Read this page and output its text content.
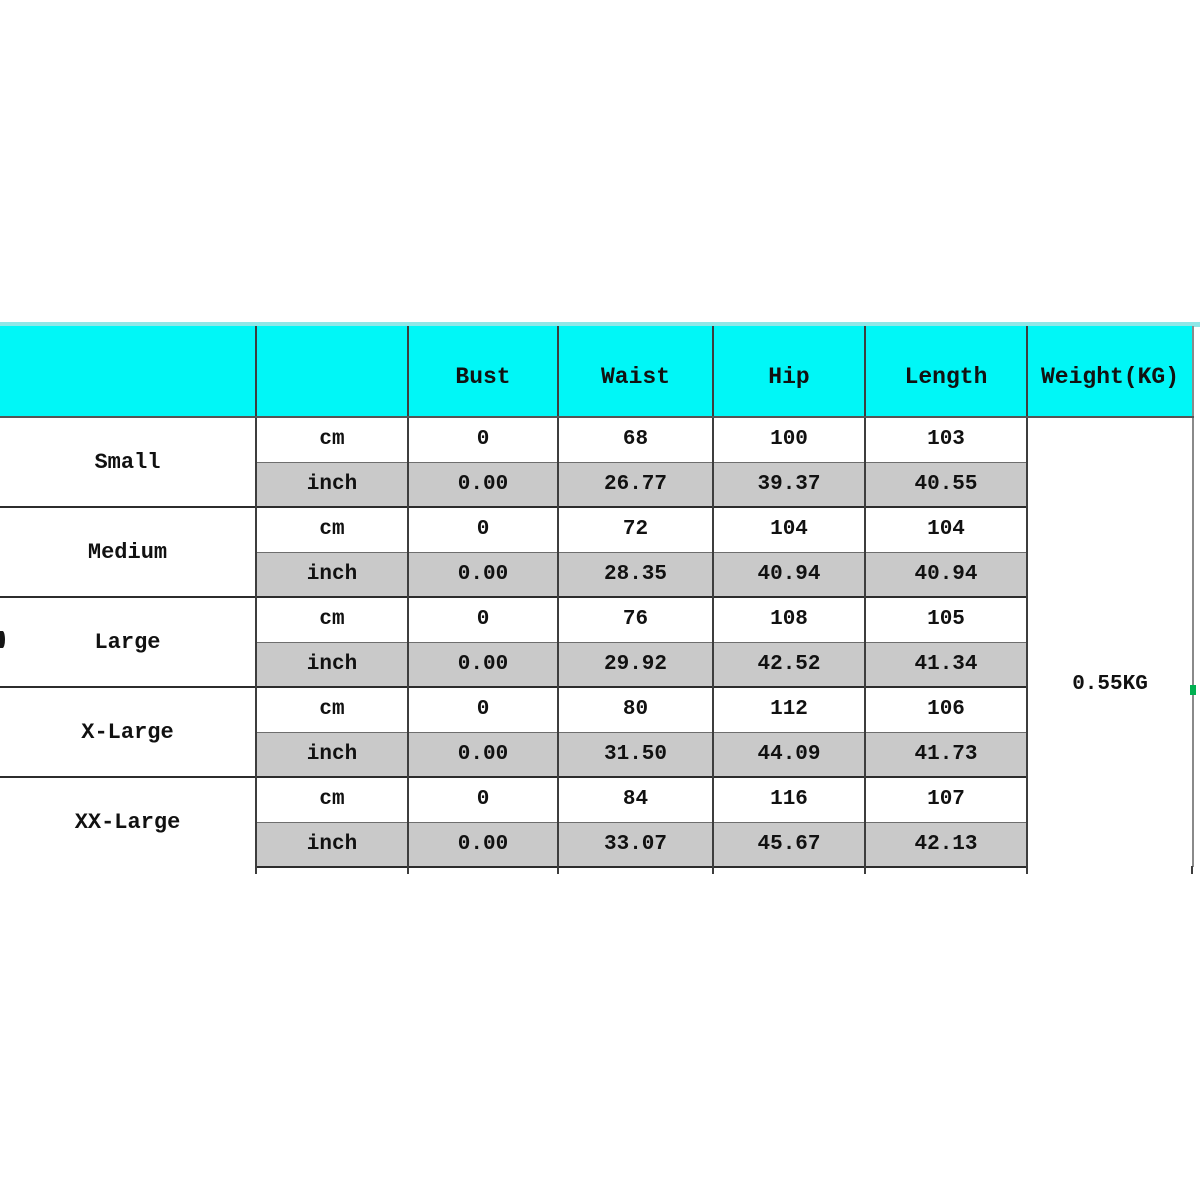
		Bust	Waist	Hip	Length	Weight(KG)
Small	cm	0	68	100	103	0.55KG

	inch	0.00	26.77	39.37	40.55	
Medium	cm	0	72	104	104	
	inch	0.00	28.35	40.94	40.94	
Large	cm	0	76	108	105	
	inch	0.00	29.92	42.52	41.34	
X-Large	cm	0	80	112	106	
	inch	0.00	31.50	44.09	41.73	
XX-Large	cm	0	84	116	107	
	inch	0.00	33.07	45.67	42.13	
